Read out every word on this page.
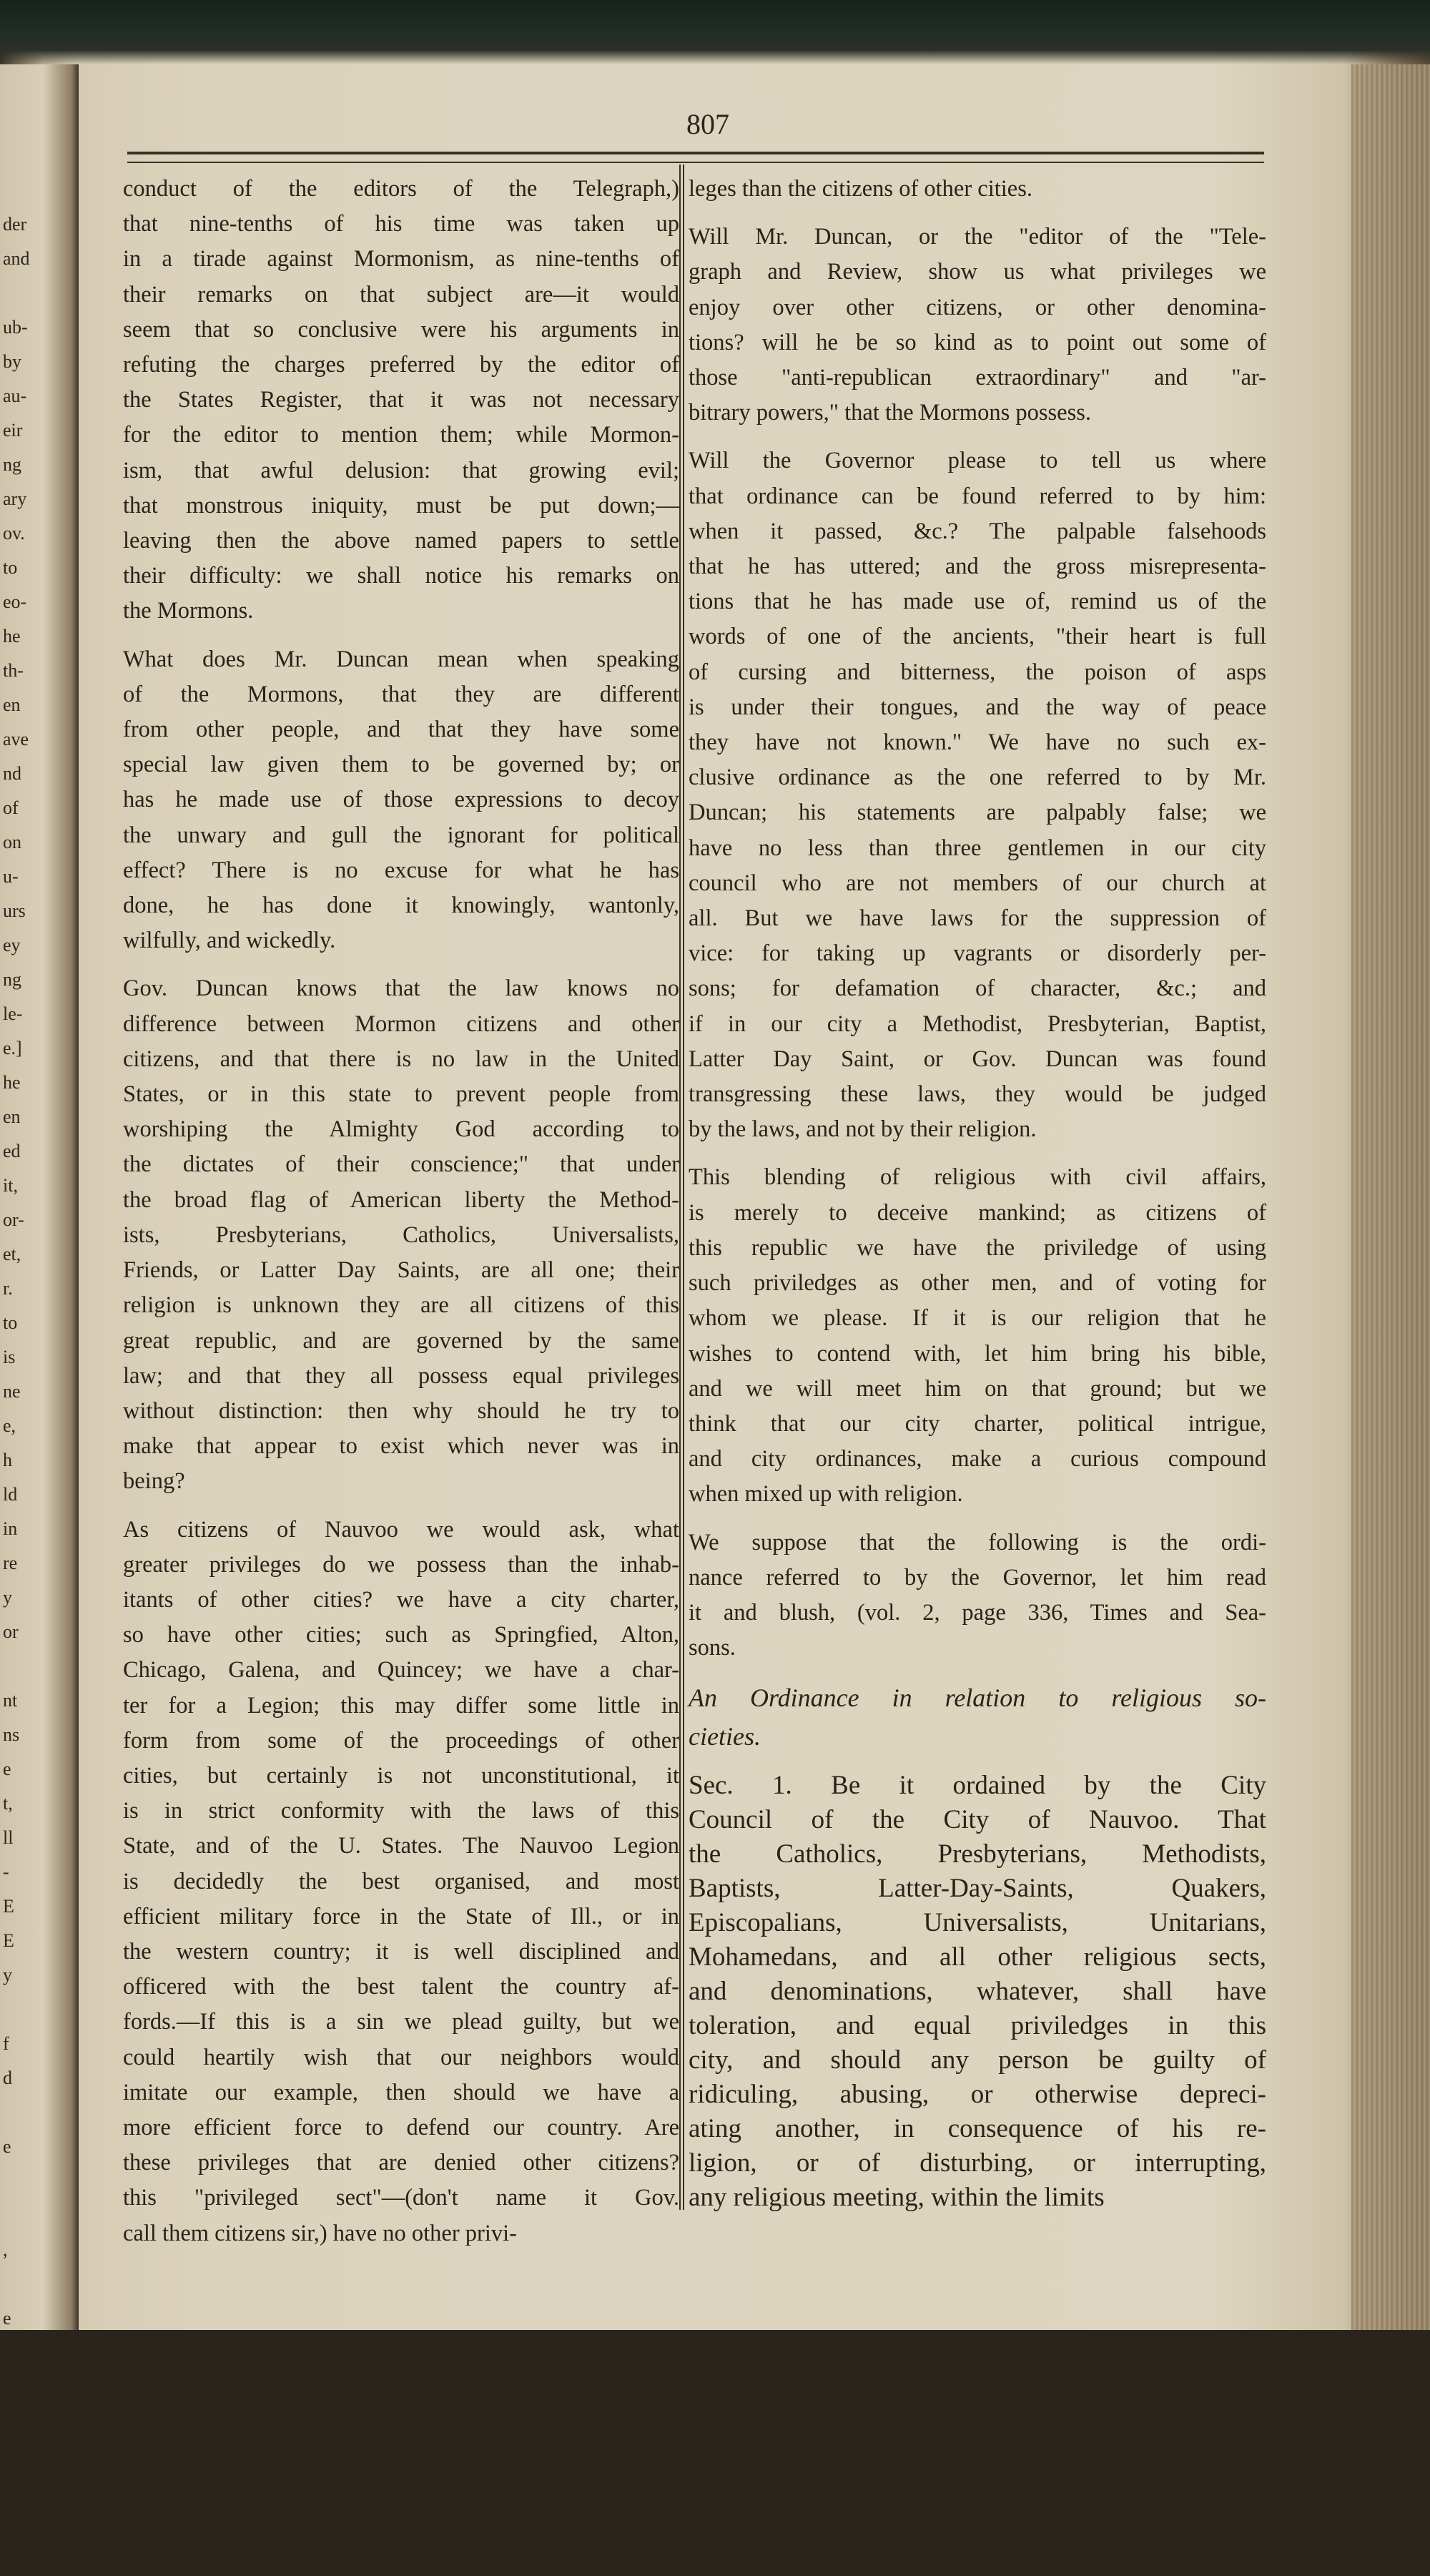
der
and

ub-
by
au-
eir
ng
ary
ov.
to
eo-
he
th-
en
ave
nd
of
on
u-
urs
ey
ng
le-
e.]
he
en
ed
it,
or-
et,
r.
to
is
ne
e,
h
ld
in
re
y
or

nt
ns
e
t,
ll
-
E
E
y

f
d

e

,

e

1
f

t

1
807

conduct of the editors of the Telegraph,)
that nine-tenths of his time was taken up
in a tirade against Mormonism, as nine-tenths of
their remarks on that subject are—it would
seem that so conclusive were his arguments in
refuting the charges preferred by the editor of
the States Register, that it was not necessary
for the editor to mention them; while Mormon-
ism, that awful delusion: that growing evil;
that monstrous iniquity, must be put down;—
leaving then the above named papers to settle
their difficulty: we shall notice his remarks on
the Mormons.

What does Mr. Duncan mean when speaking
of the Mormons, that they are different
from other people, and that they have some
special law given them to be governed by; or
has he made use of those expressions to decoy
the unwary and gull the ignorant for political
effect? There is no excuse for what he has
done, he has done it knowingly, wantonly,
wilfully, and wickedly.

Gov. Duncan knows that the law knows no
difference between Mormon citizens and other
citizens, and that there is no law in the United
States, or in this state to prevent people from
worshiping the Almighty God according to
the dictates of their conscience;" that under
the broad flag of American liberty the Method-
ists, Presbyterians, Catholics, Universalists,
Friends, or Latter Day Saints, are all one; their
religion is unknown they are all citizens of this
great republic, and are governed by the same
law; and that they all possess equal privileges
without distinction: then why should he try to
make that appear to exist which never was in
being?

As citizens of Nauvoo we would ask, what
greater privileges do we possess than the inhab-
itants of other cities? we have a city charter,
so have other cities; such as Springfied, Alton,
Chicago, Galena, and Quincey; we have a char-
ter for a Legion; this may differ some little in
form from some of the proceedings of other
cities, but certainly is not unconstitutional, it
is in strict conformity with the laws of this
State, and of the U. States. The Nauvoo Legion
is decidedly the best organised, and most
efficient military force in the State of Ill., or in
the western country; it is well disciplined and
officered with the best talent the country af-
fords.—If this is a sin we plead guilty, but we
could heartily wish that our neighbors would
imitate our example, then should we have a
more efficient force to defend our country. Are
these privileges that are denied other citizens?
this "privileged sect"—(don't name it Gov.
call them citizens sir,) have no other privi-

leges than the citizens of other cities.

Will Mr. Duncan, or the "editor of the "Tele-
graph and Review, show us what privileges we
enjoy over other citizens, or other denomina-
tions? will he be so kind as to point out some of
those "anti-republican extraordinary" and "ar-
bitrary powers," that the Mormons possess.

Will the Governor please to tell us where
that ordinance can be found referred to by him:
when it passed, &c.? The palpable falsehoods
that he has uttered; and the gross misrepresenta-
tions that he has made use of, remind us of the
words of one of the ancients, "their heart is full
of cursing and bitterness, the poison of asps
is under their tongues, and the way of peace
they have not known." We have no such ex-
clusive ordinance as the one referred to by Mr.
Duncan; his statements are palpably false; we
have no less than three gentlemen in our city
council who are not members of our church at
all. But we have laws for the suppression of
vice: for taking up vagrants or disorderly per-
sons; for defamation of character, &c.; and
if in our city a Methodist, Presbyterian, Baptist,
Latter Day Saint, or Gov. Duncan was found
transgressing these laws, they would be judged
by the laws, and not by their religion.

This blending of religious with civil affairs,
is merely to deceive mankind; as citizens of
this republic we have the priviledge of using
such priviledges as other men, and of voting for
whom we please. If it is our religion that he
wishes to contend with, let him bring his bible,
and we will meet him on that ground; but we
think that our city charter, political intrigue,
and city ordinances, make a curious compound
when mixed up with religion.

We suppose that the following is the ordi-
nance referred to by the Governor, let him read
it and blush, (vol. 2, page 336, Times and Sea-
sons.

An Ordinance in relation to religious so-
cieties.

Sec. 1. Be it ordained by the City
Council of the City of Nauvoo. That
the Catholics, Presbyterians, Methodists,
Baptists, Latter-Day-Saints, Quakers,
Episcopalians, Universalists, Unitarians,
Mohamedans, and all other religious sects,
and denominations, whatever, shall have
toleration, and equal priviledges in this
city, and should any person be guilty of
ridiculing, abusing, or otherwise depreci-
ating another, in consequence of his re-
ligion, or of disturbing, or interrupting,
any religious meeting, within the limits
